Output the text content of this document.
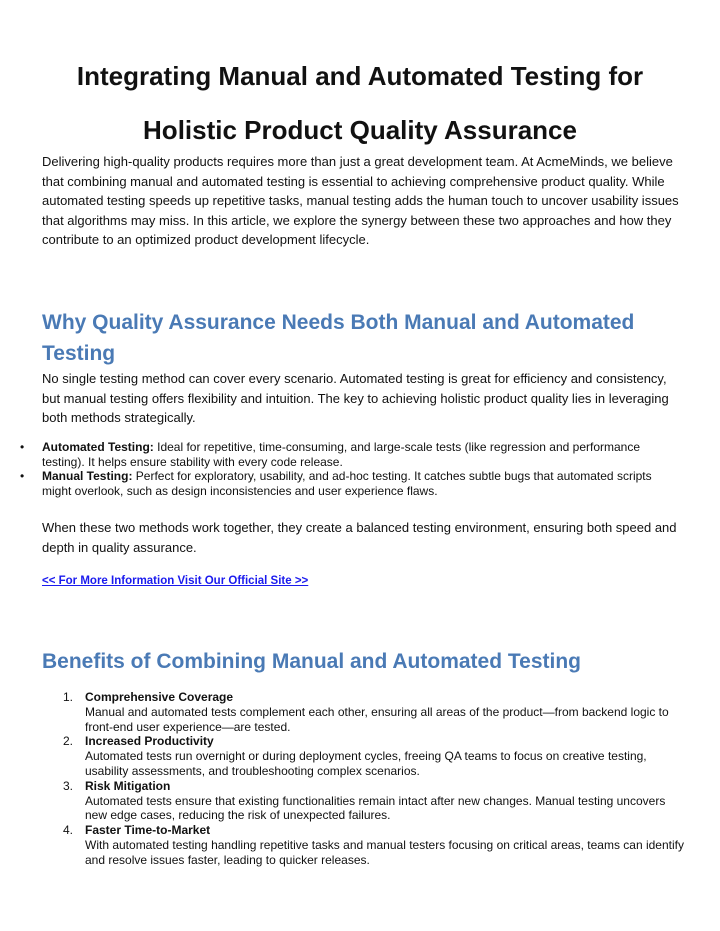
Integrating Manual and Automated Testing for
Holistic Product Quality Assurance

Delivering high-quality products requires more than just a great development team. At AcmeMinds, we believe that combining manual and automated testing is essential to achieving comprehensive product quality. While automated testing speeds up repetitive tasks, manual testing adds the human touch to uncover usability issues that algorithms may miss. In this article, we explore the synergy between these two approaches and how they contribute to an optimized product development lifecycle.

Why Quality Assurance Needs Both Manual and Automated Testing

No single testing method can cover every scenario. Automated testing is great for efficiency and consistency, but manual testing offers flexibility and intuition. The key to achieving holistic product quality lies in leveraging both methods strategically.

• Automated Testing: Ideal for repetitive, time-consuming, and large-scale tests (like regression and performance testing). It helps ensure stability with every code release.
• Manual Testing: Perfect for exploratory, usability, and ad-hoc testing. It catches subtle bugs that automated scripts might overlook, such as design inconsistencies and user experience flaws.

When these two methods work together, they create a balanced testing environment, ensuring both speed and depth in quality assurance.

<< For More Information Visit Our Official Site >>
Benefits of Combining Manual and Automated Testing
1. Comprehensive Coverage
Manual and automated tests complement each other, ensuring all areas of the product—from backend logic to front-end user experience—are tested.
2. Increased Productivity
Automated tests run overnight or during deployment cycles, freeing QA teams to focus on creative testing, usability assessments, and troubleshooting complex scenarios.
3. Risk Mitigation
Automated tests ensure that existing functionalities remain intact after new changes. Manual testing uncovers new edge cases, reducing the risk of unexpected failures.
4. Faster Time-to-Market
With automated testing handling repetitive tasks and manual testers focusing on critical areas, teams can identify and resolve issues faster, leading to quicker releases.
